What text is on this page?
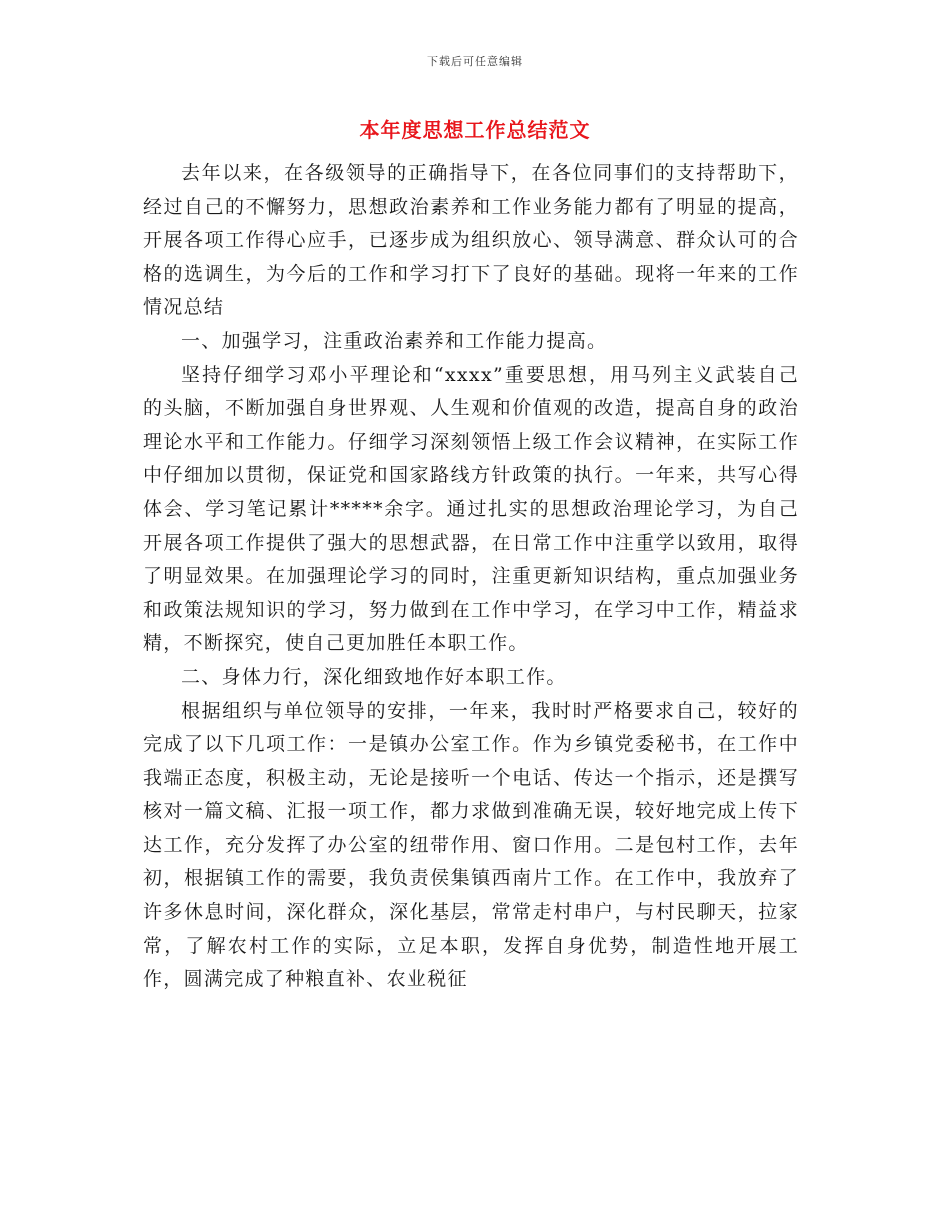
下载后可任意编辑
本年度思想工作总结范文

去年以来，在各级领导的正确指导下，在各位同事们的支持帮助下，经过自己的不懈努力，思想政治素养和工作业务能力都有了明显的提高，开展各项工作得心应手，已逐步成为组织放心、领导满意、群众认可的合格的选调生，为今后的工作和学习打下了良好的基础。现将一年来的工作情况总结

一、加强学习，注重政治素养和工作能力提高。

坚持仔细学习邓小平理论和“xxxx”重要思想，用马列主义武装自己的头脑，不断加强自身世界观、人生观和价值观的改造，提高自身的政治理论水平和工作能力。仔细学习深刻领悟上级工作会议精神，在实际工作中仔细加以贯彻，保证党和国家路线方针政策的执行。一年来，共写心得体会、学习笔记累计*****余字。通过扎实的思想政治理论学习，为自己开展各项工作提供了强大的思想武器，在日常工作中注重学以致用，取得了明显效果。在加强理论学习的同时，注重更新知识结构，重点加强业务和政策法规知识的学习，努力做到在工作中学习，在学习中工作，精益求精，不断探究，使自己更加胜任本职工作。

二、身体力行，深化细致地作好本职工作。

根据组织与单位领导的安排，一年来，我时时严格要求自己，较好的完成了以下几项工作：一是镇办公室工作。作为乡镇党委秘书，在工作中我端正态度，积极主动，无论是接听一个电话、传达一个指示，还是撰写核对一篇文稿、汇报一项工作，都力求做到准确无误，较好地完成上传下达工作，充分发挥了办公室的纽带作用、窗口作用。二是包村工作，去年初，根据镇工作的需要，我负责侯集镇西南片工作。在工作中，我放弃了许多休息时间，深化群众，深化基层，常常走村串户，与村民聊天，拉家常，了解农村工作的实际，立足本职，发挥自身优势，制造性地开展工作，圆满完成了种粮直补、农业税征
